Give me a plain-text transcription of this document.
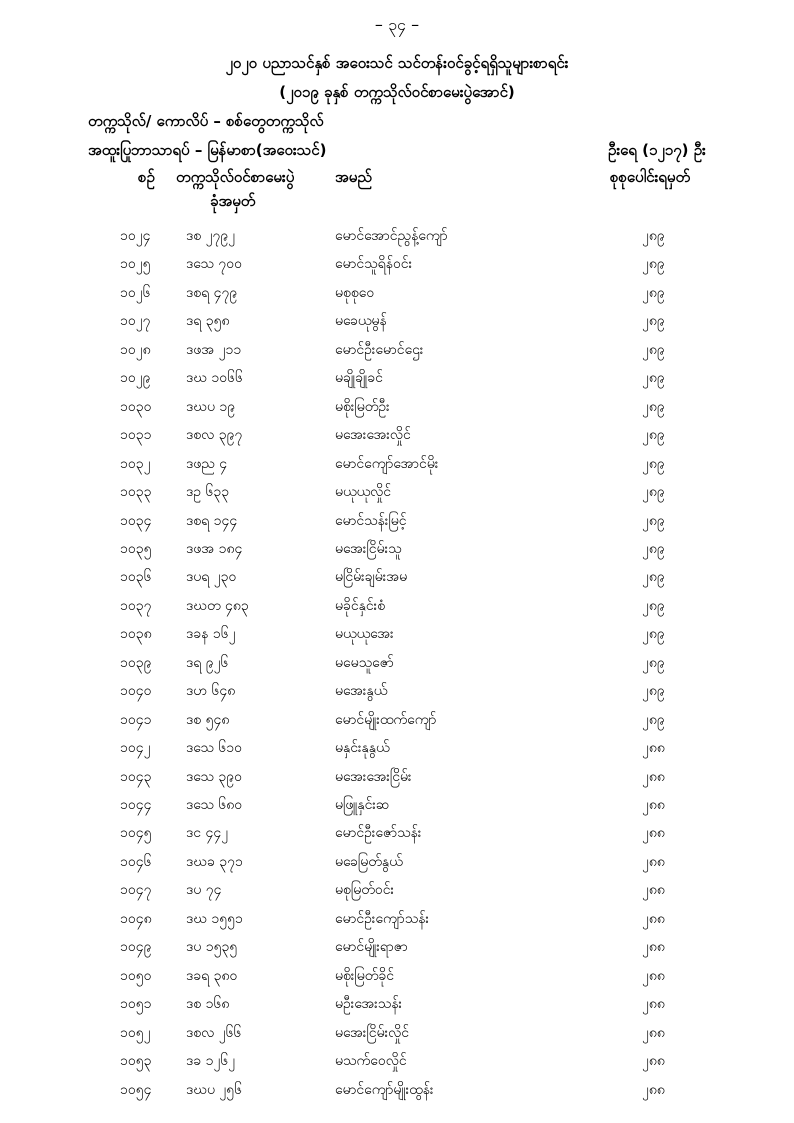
– ၃၄ –
၂၀၂၀ ပညာသင်နှစ် အဝေးသင် သင်တန်းဝင်ခွင့်ရရှိသူများစာရင်း
(၂၀၁၉ ခုနှစ် တက္ကသိုလ်ဝင်စာမေးပွဲအောင်)
တက္ကသိုလ်/ ကောလိပ် – စစ်တွေတက္ကသိုလ်
အထူးပြုဘာသာရပ် – မြန်မာစာ(အဝေးသင်)	ဦးရေ (၁၂၁၇) ဦး
စဉ် တက္ကသိုလ်ဝင်စာမေးပွဲ
ခုံအမှတ်
အမည်	စုစုပေါင်းရမှတ်
၁၀၂၄	ဒစ ၂၇၉၂	မောင်အောင်ညွန့်ကျော်	၂၈၉
၁၀၂၅	ဒသေ ၇၀၀	မောင်သူရိန်ဝင်း	၂၈၉
၁၀၂၆	ဒစရ ၄၇၉	မစုစုဝေ	၂၈၉
၁၀၂၇	ဒရ ၃၅၈	မခေယုမွန်	၂၈၉
၁၀၂၈	ဒဖအ ၂၁၁	မောင်ဦးမောင်ဌေး	၂၈၉
၁၀၂၉	ဒဃ ၁၀၆၆	မချိုချိုခင်	၂၈၉
၁၀၃၀ ဒဃပ ၁၉	မစိုးမြတ်ဦး	၂၈၉
၁၀၃၁ ဒစလ ၃၉၇	မအေးအေးလှိုင်	၂၈၉
၁၀၃၂	ဒဖည ၄	မောင်ကျော်အောင်မိုး	၂၈၉
၁၀၃၃ ဒဥ ၆၃၃	မယုယုလှိုင်	၂၈၉
၁၀၃၄ ဒစရ ၁၄၄	မောင်သန်းမြင့်	၂၈၉
၁၀၃၅ ဒဖအ ၁၈၄	မအေးငြိမ်းသူ	၂၈၉
၁၀၃၆ ဒပရ ၂၃၀	မငြိမ်းချမ်းအမ	၂၈၉
၁၀၃၇ ဒဃတ ၄၈၃	မခိုင်နှင်းစံ	၂၈၉
၁၀၃၈ ဒခန ၁၆၂	မယုယုအေး	၂၈၉
၁၀၃၉ ဒရ ၉၂၆	မမေသူဇော်	၂၈၉
၁၀၄၀ ဒဟ ၆၄၈	မအေးနွယ်	၂၈၉
၁၀၄၁ ဒစ ၅၄၈	မောင်မျိုးထက်ကျော်	၂၈၉
၁၀၄၂	ဒသေ ၆၁၀	မနှင်းနုနွယ်	၂၈၈
၁၀၄၃ ဒသေ ၃၉၀	မအေးအေးငြိမ်း	၂၈၈
၁၀၄၄ ဒသေ ၆၈၀	မဖြူနှင်းဆ	၂၈၈
၁၀၄၅ ဒင ၄၄၂	မောင်ဦးဇော်သန်း	၂၈၈
၁၀၄၆ ဒဃခ ၃၇၁	မခေမြတ်နွယ်	၂၈၈
၁၀၄၇ ဒပ ၇၄	မစုမြတ်ဝင်း	၂၈၈
၁၀၄၈ ဒဃ ၁၅၅၁	မောင်ဦးကျော်သန်း	၂၈၈
၁၀၄၉ ဒပ ၁၅၃၅	မောင်မျိုးရာဇာ	၂၈၈
၁၀၅၀ ဒခရ ၃၈၀	မစိုးမြတ်ခိုင်	၂၈၈
၁၀၅၁ ဒစ ၁၆၈	မဦးအေးသန်း	၂၈၈
၁၀၅၂	ဒစလ ၂၆၆	မအေးငြိမ်းလှိုင်	၂၈၈
၁၀၅၃ ဒခ ၁၂၆၂	မသက်ဝေလှိုင်	၂၈၈
၁၀၅၄ ဒဃပ ၂၅၆	မောင်ကျော်မျိုးထွန်း	၂၈၈
